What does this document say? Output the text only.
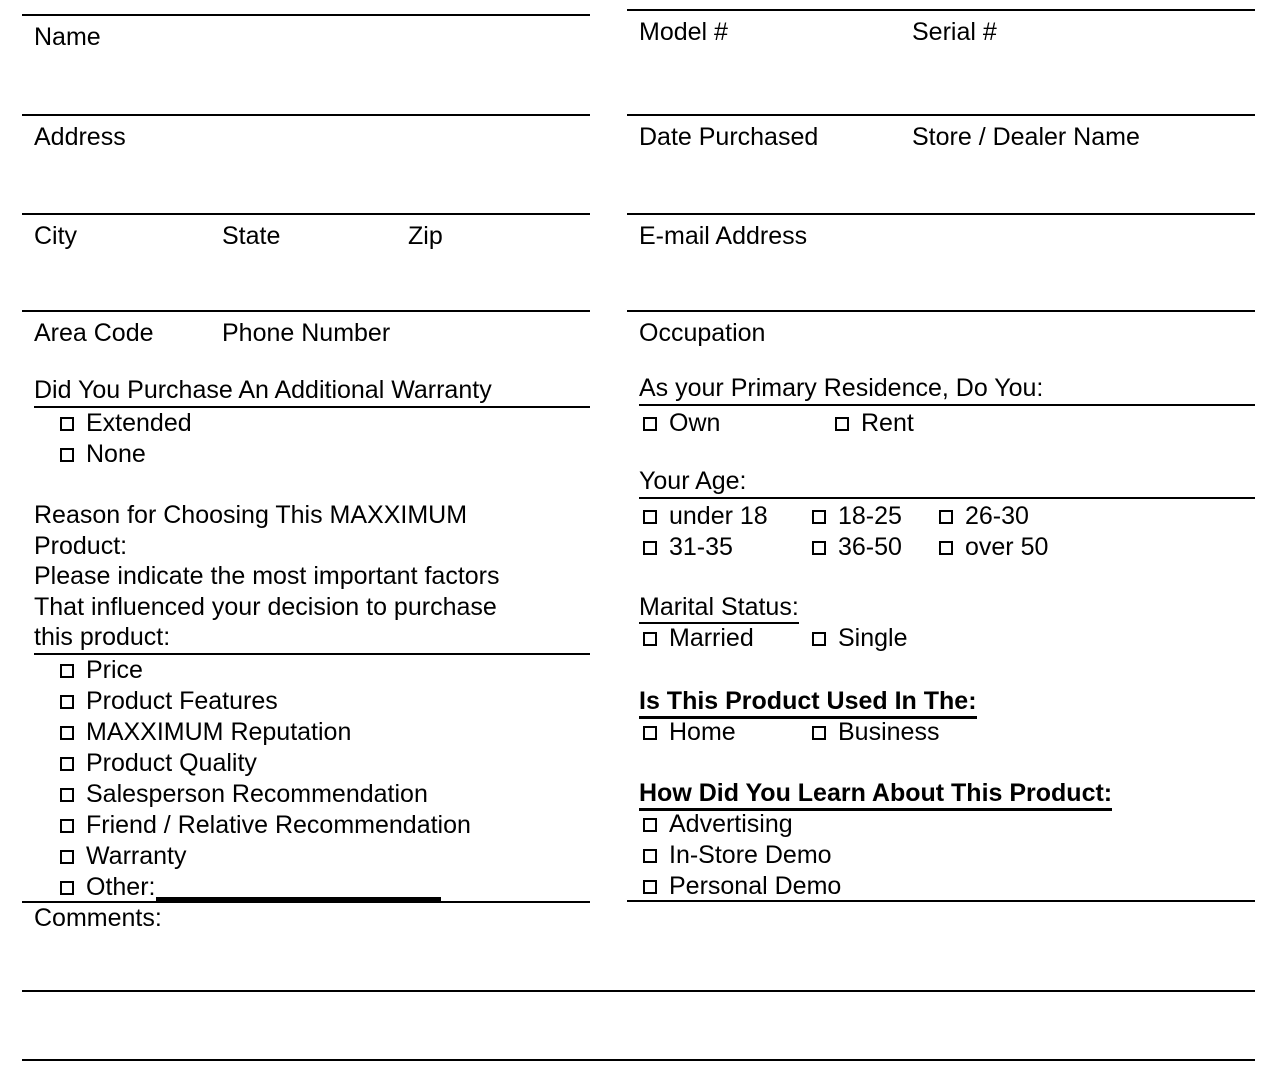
Name
Address
City	State	Zip
Area Code	Phone Number
Did You Purchase An Additional Warranty
Extended
None
Reason for Choosing This MAXXIMUM
Product:
Please indicate the most important factors
That influenced your decision to purchase
this product:
Price
Product Features
MAXXIMUM Reputation
Product Quality
Salesperson Recommendation
Friend / Relative Recommendation
Warranty
Other:
Comments:
Model #	Serial #
Date Purchased	Store / Dealer Name
E-mail Address
Occupation
As your Primary Residence, Do You:
Own	Rent
Your Age:
under 18	18-25	26-30
31-35	36-50	over 50
Marital Status:
Married	Single
Is This Product Used In The:
Home	Business
How Did You Learn About This Product:
Advertising
In-Store Demo
Personal Demo
